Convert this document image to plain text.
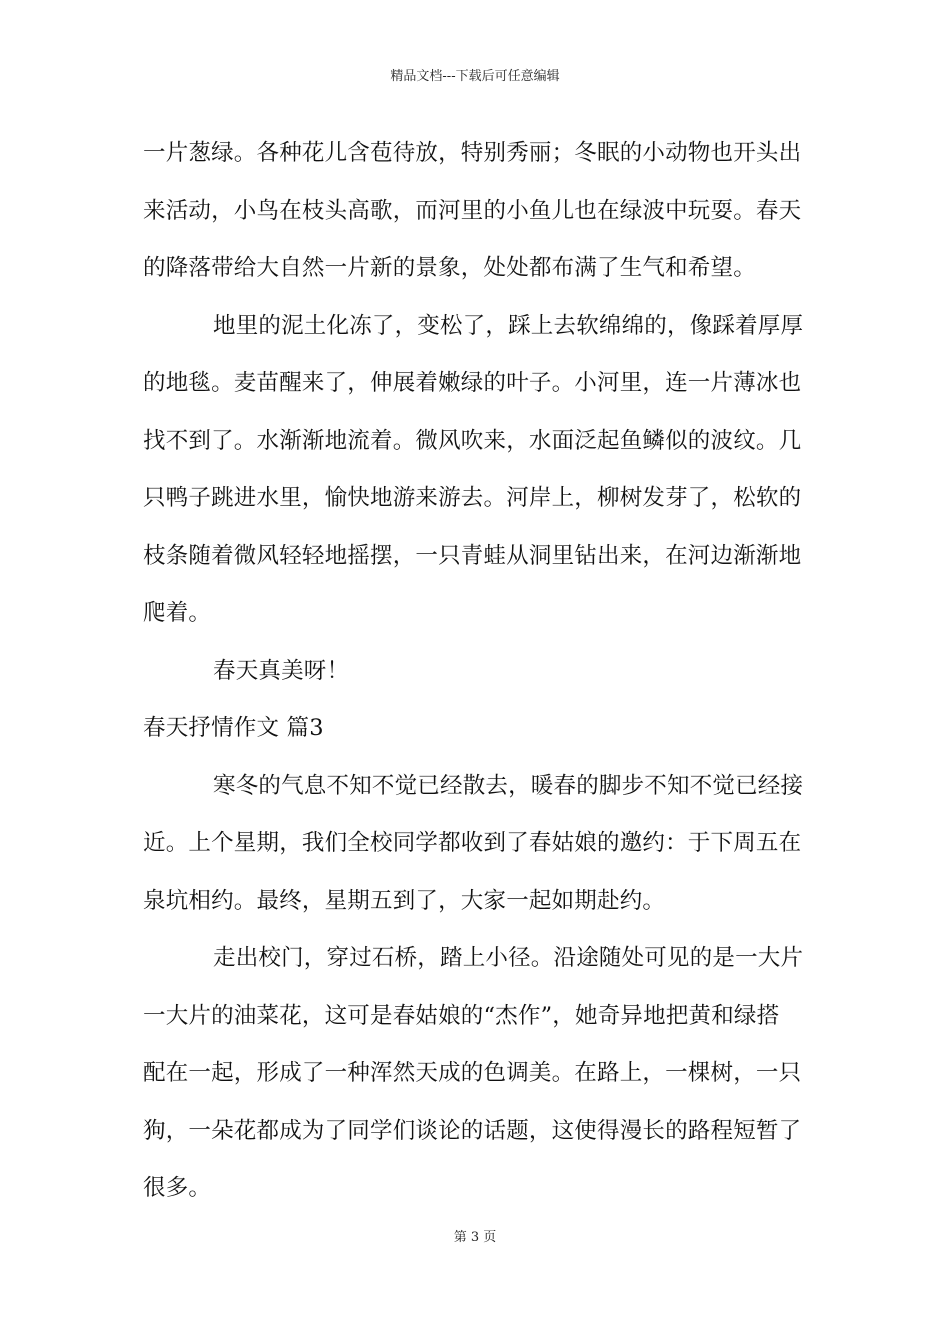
精品文档---下载后可任意编辑
一片葱绿。各种花儿含苞待放，特别秀丽；冬眠的小动物也开头出
来活动，小鸟在枝头高歌，而河里的小鱼儿也在绿波中玩耍。春天
的降落带给大自然一片新的景象，处处都布满了生气和希望。
地里的泥土化冻了，变松了，踩上去软绵绵的，像踩着厚厚
的地毯。麦苗醒来了，伸展着嫩绿的叶子。小河里，连一片薄冰也
找不到了。水渐渐地流着。微风吹来，水面泛起鱼鳞似的波纹。几
只鸭子跳进水里，愉快地游来游去。河岸上，柳树发芽了，松软的
枝条随着微风轻轻地摇摆，一只青蛙从洞里钻出来，在河边渐渐地
爬着。
春天真美呀！
春天抒情作文 篇3
寒冬的气息不知不觉已经散去，暖春的脚步不知不觉已经接
近。上个星期，我们全校同学都收到了春姑娘的邀约：于下周五在
泉坑相约。最终，星期五到了，大家一起如期赴约。
走出校门，穿过石桥，踏上小径。沿途随处可见的是一大片
一大片的油菜花，这可是春姑娘的“杰作”，她奇异地把黄和绿搭
配在一起，形成了一种浑然天成的色调美。在路上，一棵树，一只
狗，一朵花都成为了同学们谈论的话题，这使得漫长的路程短暂了
很多。
第 3 页
